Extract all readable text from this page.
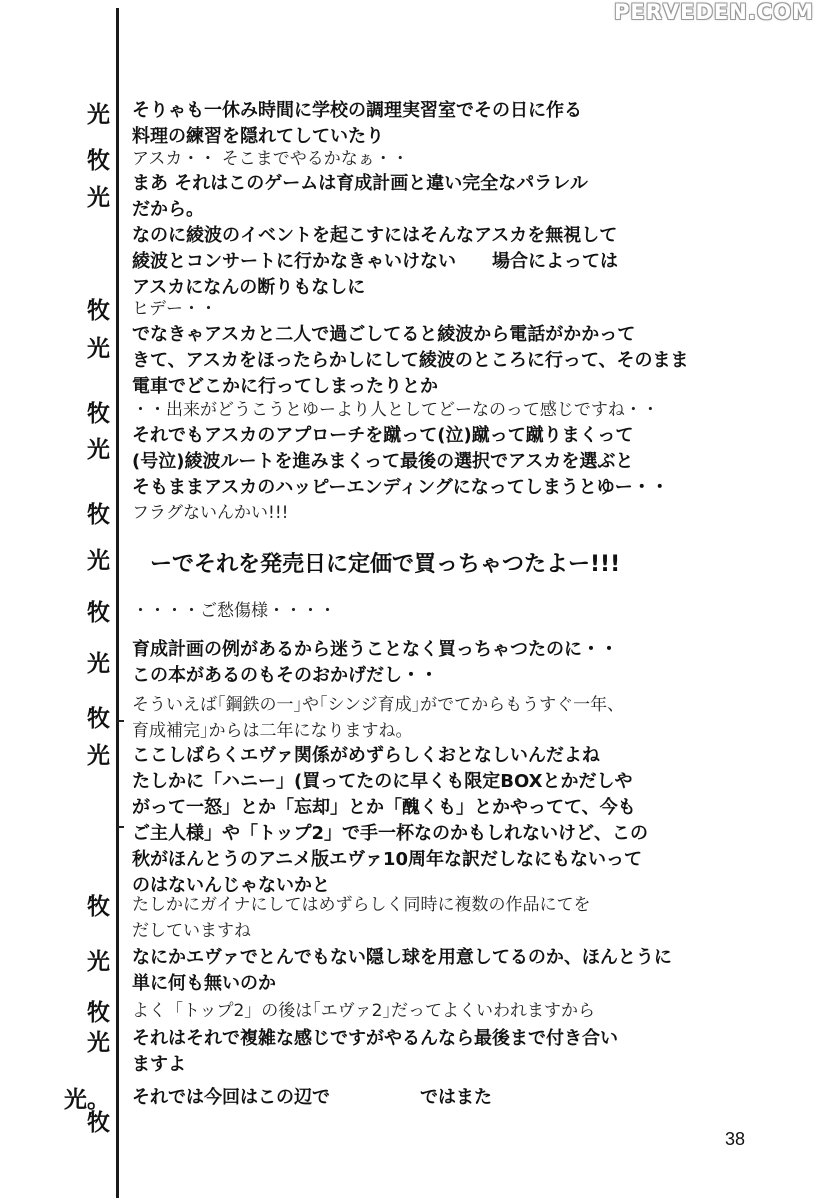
PERVEDEN.COM
光 そりゃも一休み時間に学校の調理実習室でその日に作る
料理の練習を隠れてしていたり
牧 アスカ・・ そこまでやるかなぁ・・
光
まあ それはこのゲームは育成計画と違い完全なパラレル
だから。
なのに綾波のイベントを起こすにはそんなアスカを無視して
綾波とコンサートに行かなきゃいけない　　場合によっては
アスカになんの断りもなしに
牧 ヒデー・・
光
でなきゃアスカと二人で過ごしてると綾波から電話がかかって
きて、アスカをほったらかしにして綾波のところに行って、そのまま
電車でどこかに行ってしまったりとか
牧 ・・出来がどうこうとゆーより人としてどーなのって感じですね・・
光
それでもアスカのアプローチを蹴って(泣)蹴って蹴りまくって
(号泣)綾波ルートを進みまくって最後の選択でアスカを選ぶと
そもままアスカのハッピーエンディングになってしまうとゆー・・
牧 フラグないんかい!!!
光 ーでそれを発売日に定価で買っちゃつたよー!!!
牧 ・・・・ご愁傷様・・・・
光
育成計画の例があるから迷うことなく買っちゃつたのに・・
この本があるのもそのおかげだし・・
牧
そういえば｢鋼鉄の一｣や｢シンジ育成｣がでてからもうすぐ一年、
育成補完｣からは二年になりますね。
光 ここしばらくエヴァ関係がめずらしくおとなしいんだよね
たしかに「ハニー」(買ってたのに早くも限定BOXとかだしや
がって一怒」とか「忘却」とか「醜くも」とかやってて、今も
ご主人様」や「トップ2」で手一杯なのかもしれないけど、この
秋がほんとうのアニメ版エヴァ10周年な訳だしなにもないって
のはないんじゃないかと
牧 たしかにガイナにしてはめずらしく同時に複数の作品にてを
だしていますね
光 なにかエヴァでとんでもない隠し球を用意してるのか、ほんとうに
単に何も無いのか
牧 よく「トップ2」の後は｢エヴァ2｣だってよくいわれますから
光 それはそれで複雑な感じですがやるんなら最後まで付き合い
ますよ
光。牧
それでは今回はこの辺で　　　　　ではまた
38
